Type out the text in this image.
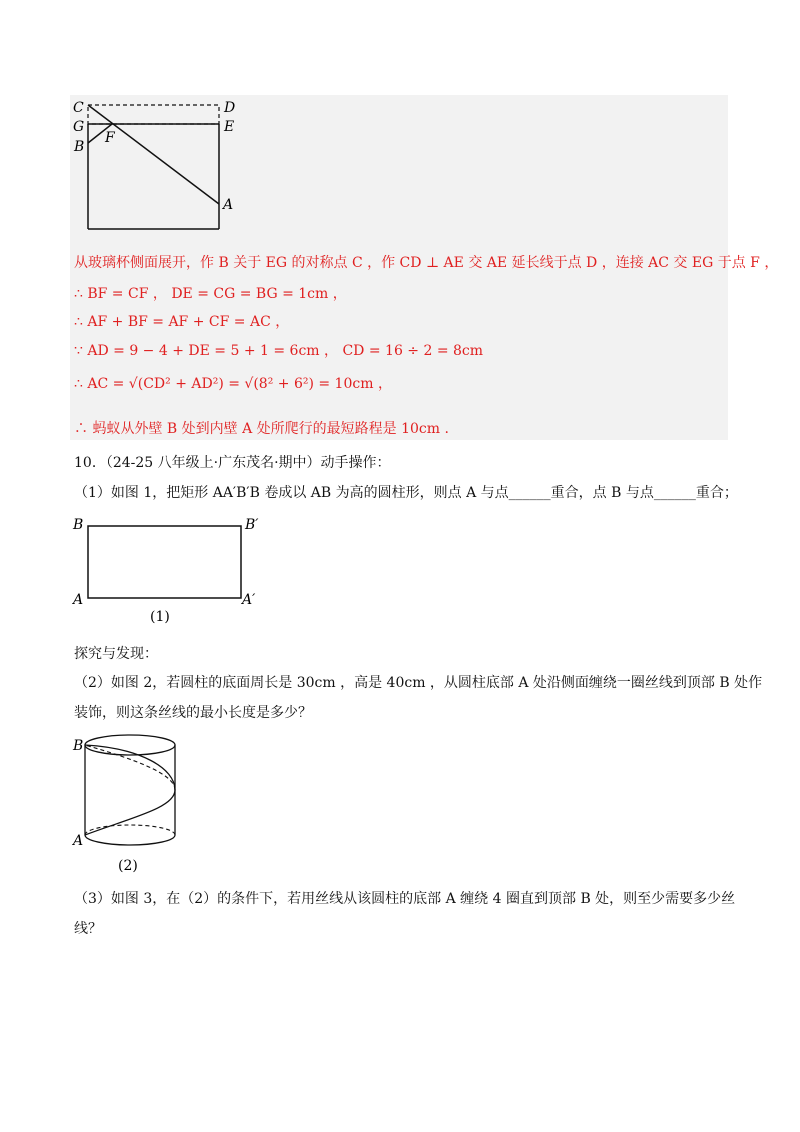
C	D
G	E
B
F
A
从玻璃杯侧面展开，作 B 关于 EG 的对称点 C ，作 CD ⊥ AE 交 AE 延长线于点 D ，连接 AC 交 EG 于点 F ，
∴ BF = CF ， DE = CG = BG = 1cm ，
∴ AF + BF = AF + CF = AC ，
∵ AD = 9 − 4 + DE = 5 + 1 = 6cm ， CD = 16 ÷ 2 = 8cm
∴ AC = √(CD² + AD²) = √(8² + 6²) = 10cm ，
∴ 蚂蚁从外壁 B 处到内壁 A 处所爬行的最短路程是 10cm .
10．（24-25 八年级上·广东茂名·期中）动手操作：
（1）如图 1，把矩形 AA′B′B 卷成以 AB 为高的圆柱形，则点 A 与点______重合，点 B 与点______重合；
B	B′
A	A′
(1)
探究与发现：
（2）如图 2，若圆柱的底面周长是 30cm ，高是 40cm ，从圆柱底部 A 处沿侧面缠绕一圈丝线到顶部 B 处作
装饰，则这条丝线的最小长度是多少？
B
A
(2)
（3）如图 3，在（2）的条件下，若用丝线从该圆柱的底部 A 缠绕 4 圈直到顶部 B 处，则至少需要多少丝
线？
